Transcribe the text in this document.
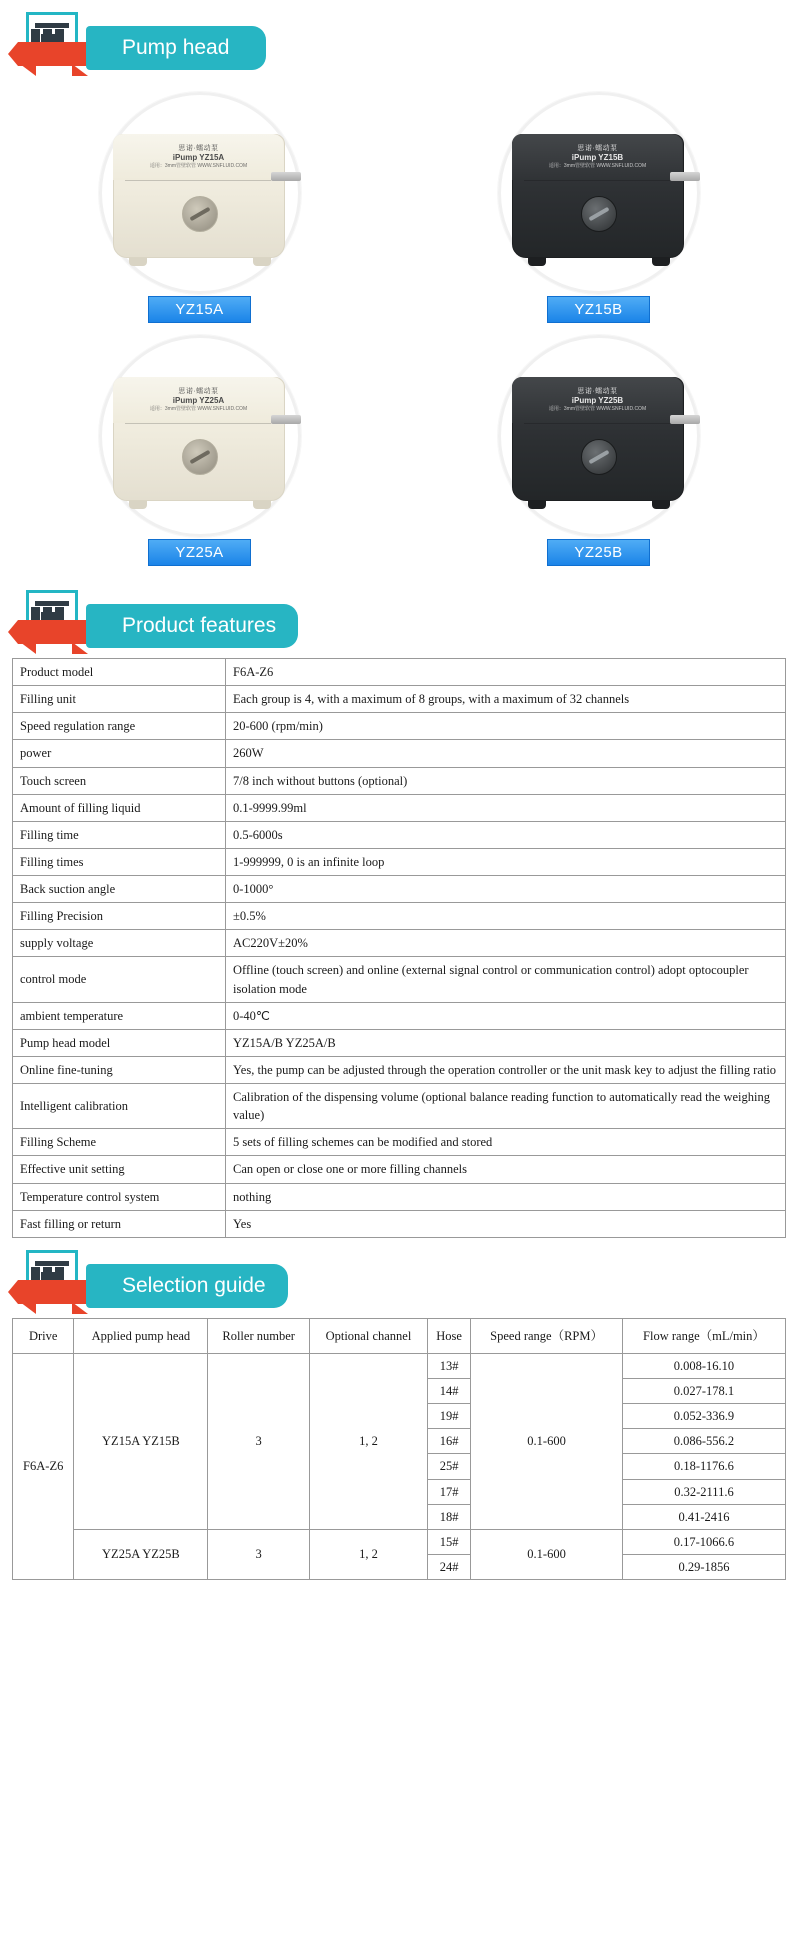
Pump head
思诺·蠕动泵
iPump YZ15A
适用：3mm管壁软管 WWW.SNFLUID.COM
YZ15A
思诺·蠕动泵
iPump YZ15B
适用：3mm管壁软管 WWW.SNFLUID.COM
YZ15B
思诺·蠕动泵
iPump YZ25A
适用：3mm管壁软管 WWW.SNFLUID.COM
YZ25A
思诺·蠕动泵
iPump YZ25B
适用：3mm管壁软管 WWW.SNFLUID.COM
YZ25B
Product features
Product model	F6A-Z6
Filling unit	Each group is 4, with a maximum of 8 groups, with a maximum of 32 channels
Speed regulation range	20-600 (rpm/min)
power	260W
Touch screen	7/8 inch without buttons (optional)
Amount of filling liquid	0.1-9999.99ml
Filling time	0.5-6000s
Filling times	1-999999, 0 is an infinite loop
Back suction angle	0-1000°
Filling Precision	±0.5%
supply voltage	AC220V±20%
control mode	Offline (touch screen) and online (external signal control or communication control) adopt optocoupler isolation mode
ambient temperature	0-40℃
Pump head model	YZ15A/B YZ25A/B
Online fine-tuning	Yes, the pump can be adjusted through the operation controller or the unit mask key to adjust the filling ratio
Intelligent calibration	Calibration of the dispensing volume (optional balance reading function to automatically read the weighing value)
Filling Scheme	5 sets of filling schemes can be modified and stored
Effective unit setting	Can open or close one or more filling channels
Temperature control system	nothing
Fast filling or return	Yes
Selection guide
Drive	Applied pump head	Roller number	Optional channel	Hose	Speed range（RPM）	Flow range（mL/min）
F6A-Z6	YZ15A YZ15B	3	1, 2	13#	0.1-600	0.008-16.10
				14#		0.027-178.1
				19#		0.052-336.9
				16#		0.086-556.2
				25#		0.18-1176.6
				17#		0.32-2111.6
				18#		0.41-2416
	YZ25A YZ25B	3	1, 2	15#	0.1-600	0.17-1066.6
				24#		0.29-1856
